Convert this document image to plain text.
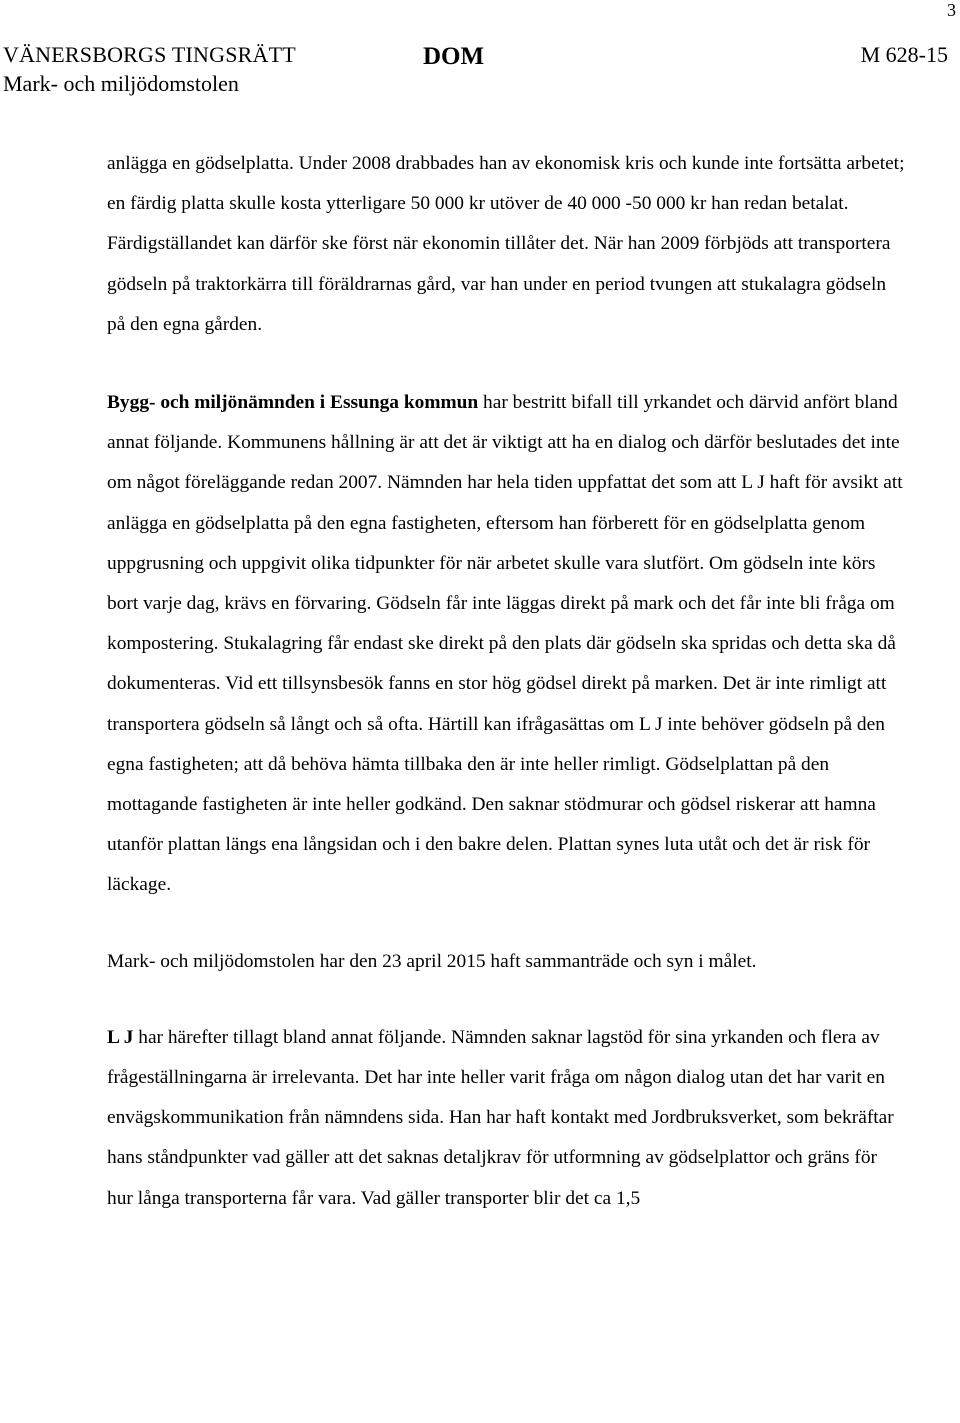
3
VÄNERSBORGS TINGSRÄTT
Mark- och miljödomstolen
DOM	M 628-15

anlägga en gödselplatta. Under 2008 drabbades han av ekonomisk kris och kunde inte fortsätta arbetet; en färdig platta skulle kosta ytterligare 50 000 kr utöver de 40 000 -50 000 kr han redan betalat. Färdigställandet kan därför ske först när ekonomin tillåter det. När han 2009 förbjöds att transportera gödseln på traktorkärra till föräldrarnas gård, var han under en period tvungen att stukalagra gödseln på den egna gården.

Bygg- och miljönämnden i Essunga kommun har bestritt bifall till yrkandet och därvid anfört bland annat följande. Kommunens hållning är att det är viktigt att ha en dialog och därför beslutades det inte om något föreläggande redan 2007. Nämnden har hela tiden uppfattat det som att L J haft för avsikt att anlägga en gödselplatta på den egna fastigheten, eftersom han förberett för en gödselplatta genom uppgrusning och uppgivit olika tidpunkter för när arbetet skulle vara slutfört. Om gödseln inte körs bort varje dag, krävs en förvaring. Gödseln får inte läggas direkt på mark och det får inte bli fråga om kompostering. Stukalagring får endast ske direkt på den plats där gödseln ska spridas och detta ska då dokumenteras. Vid ett tillsynsbesök fanns en stor hög gödsel direkt på marken. Det är inte rimligt att transportera gödseln så långt och så ofta. Härtill kan ifrågasättas om L J inte behöver gödseln på den egna fastigheten; att då behöva hämta tillbaka den är inte heller rimligt. Gödselplattan på den mottagande fastigheten är inte heller godkänd. Den saknar stödmurar och gödsel riskerar att hamna utanför plattan längs ena långsidan och i den bakre delen. Plattan synes luta utåt och det är risk för läckage.

Mark- och miljödomstolen har den 23 april 2015 haft sammanträde och syn i målet.

L J har härefter tillagt bland annat följande. Nämnden saknar lagstöd för sina yrkanden och flera av frågeställningarna är irrelevanta. Det har inte heller varit fråga om någon dialog utan det har varit en envägskommunikation från nämndens sida. Han har haft kontakt med Jordbruksverket, som bekräftar hans ståndpunkter vad gäller att det saknas detaljkrav för utformning av gödselplattor och gräns för hur långa transporterna får vara. Vad gäller transporter blir det ca 1,5
